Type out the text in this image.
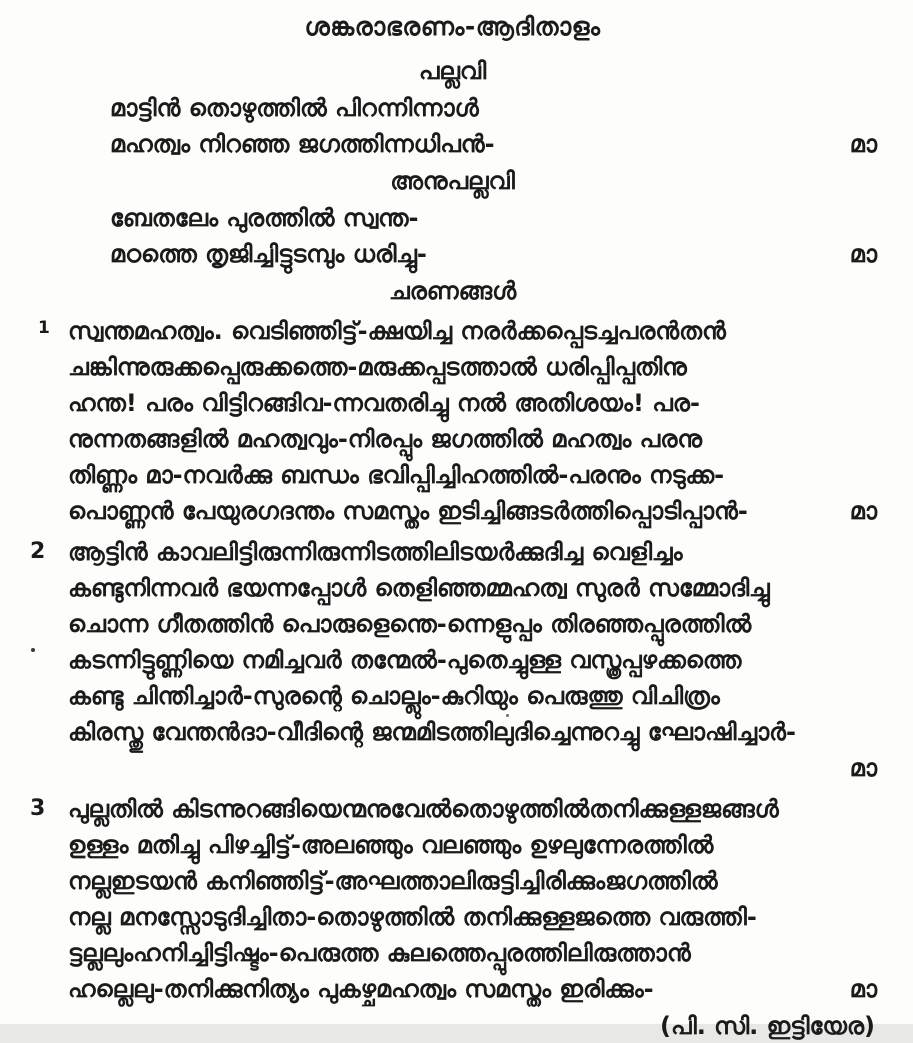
ശങ്കരാഭരണം-ആദിതാളം
പല്ലവി
മാട്ടിൻ തൊഴുത്തിൽ പിറന്നിന്നാൾ
മഹത്വം നിറഞ്ഞ ജഗത്തിന്നധിപൻ-	മാ
അനുപല്ലവി
ബേതലേം പുരത്തിൽ സ്വന്ത-
മഠത്തെ തൃജിച്ചിട്ടുടമ്പും ധരിച്ചു-	മാ
ചരണങ്ങൾ
1 സ്വന്തമഹത്വം. വെടിഞ്ഞിട്ട്-ക്ഷയിച്ച നരർക്കപ്പെടച്ചപരൻതൻ
ചങ്കിന്നുരുക്കപ്പെരുക്കത്തെ-മരുക്കപ്പടത്താൽ ധരിപ്പിപ്പതിനു
ഹന്ത! പരം വിട്ടിറങ്ങിവ-ന്നവതരിച്ചു നൽ അതിശയം! പര-
നുന്നതങ്ങളിൽ മഹത്വവും-നിരപ്പും ജഗത്തിൽ മഹത്വം പരനു
തിണ്ണം മാ-നവർക്കു ബന്ധം ഭവിപ്പിച്ചിഹത്തിൽ-പരനും നടുക്ക-
പൊണ്ണൻ പേയുരഗദന്തം സമസ്തം ഇടിച്ചിങ്ങടർത്തിപ്പൊടിപ്പാൻ-	മാ
2 ആട്ടിൻ കാവലിട്ടിരുന്നിരുന്നിടത്തിലിടയർക്കുദിച്ച വെളിച്ചം
കണ്ടുനിന്നവർ ഭയന്നപ്പോൾ തെളിഞ്ഞമ്മഹത്വ സുരർ സമ്മോദിച്ചു
ചൊന്ന ഗീതത്തിൻ പൊരുളെന്തെ-ന്നെളുപ്പം തിരഞ്ഞപ്പുരത്തിൽ
കടന്നിട്ടുണ്ണിയെ നമിച്ചവർ തന്മേൽ-പുതെച്ചുള്ള വസ്ത്രപ്പഴക്കത്തെ
കണ്ടു ചിന്തിച്ചാർ-സുരന്റെ ചൊല്ലും-കുറിയും പെരുത്തു വിചിത്രം
കിരസ്തു വേന്തൻദാ-വീദിന്റെ ജന്മമിടത്തിലുദിച്ചെന്നുറച്ചു ഘോഷിച്ചാർ-
മാ
3 പുല്ലതിൽ കിടന്നുറങ്ങിയെന്മനുവേൽതൊഴുത്തിൽതനിക്കുള്ളജങ്ങൾ
ഉള്ളം മതിച്ചു പിഴച്ചിട്ട്-അലഞ്ഞും വലഞ്ഞും ഉഴലുന്നേരത്തിൽ
നല്ലഇടയൻ കനിഞ്ഞിട്ട്-അഘത്താലിരുട്ടിച്ചിരിക്കുംജഗത്തിൽ
നല്ല മനസ്സോടുദിച്ചിതാ-തൊഴുത്തിൽ തനിക്കുള്ളജത്തെ വരുത്തി-
ട്ടല്ലലുംഹനിച്ചിട്ടിഷ്ടം-പെരുത്ത കുലത്തെപ്പുരത്തിലിരുത്താൻ
ഹല്ലെലു-തനിക്കുനിത്യം പുകഴ്ചമഹത്വം സമസ്തം ഇരിക്കും-	മാ
(പി. സി. ഇട്ടിയേര)
